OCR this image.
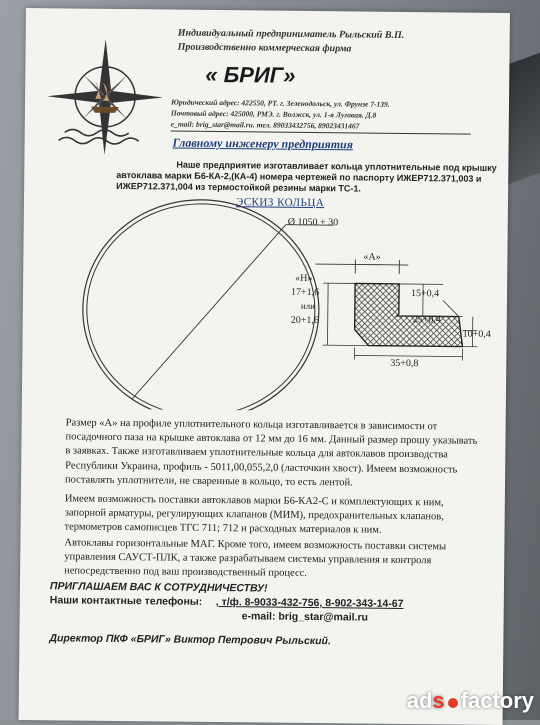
Индивидуальный предприниматель Рыльский В.П.
Производственно коммерческая фирма
« БРИГ»
Юридический адрес: 422550, РТ. г. Зеленодольск, ул. Фрунзе 7-139.
Почтовый адрес: 425000, РМЭ. г. Волжск, ул. 1-я Луговая. Д.8
e_mail: brig_star@mail.ru. тел. 89033432756, 89023431467
Главному инженеру предприятия
Наше предприятие изготавливает кольца уплотнительные под крышку
автоклава марки Б6-КА-2,(КА-4) номера чертежей по паспорту ИЖЕР712.371,003 и
ИЖЕР712.371,004 из термостойкой резины марки ТС-1.
ЭСКИЗ КОЛЬЦА
Ø 1050 + 30
«А»
«Н»
17+1,6
или
20+1,6
15+0,4
25+0,4
10+0,4
35+0,8
Размер «А» на профиле уплотнительного кольца изготавливается в зависимости от
посадочного паза на крышке автоклава от 12 мм до 16 мм. Данный размер прошу указывать
в заявках. Также изготавливаем уплотнительные кольца для автоклавов производства
Республики Украина, профиль - 5011,00,055,2,0 (ласточкин хвост). Имеем возможность
поставлять уплотнители, не сваренные в кольцо, то есть лентой.
Имеем возможность поставки автоклавов марки Б6-КА2-С и комплектующих к ним,
запорной арматуры, регулирующих клапанов (МИМ), предохранительных клапанов,
термометров самописцев ТГС 711; 712 и расходных материалов к ним.
Автоклавы горизонтальные МАГ. Кроме того, имеем возможность поставки системы
управления САУСТ-ПЛК, а также разрабатываем системы управления и контроля
непосредственно под ваш производственный процесс.
ПРИГЛАШАЕМ ВАС К СОТРУДНИЧЕСТВУ!
Наши контактные телефоны: , т/ф. 8-9033-432-756, 8-902-343-14-67
e-mail: brig_star@mail.ru
Директор ПКФ «БРИГ» Виктор Петрович Рыльский.
ads factory
